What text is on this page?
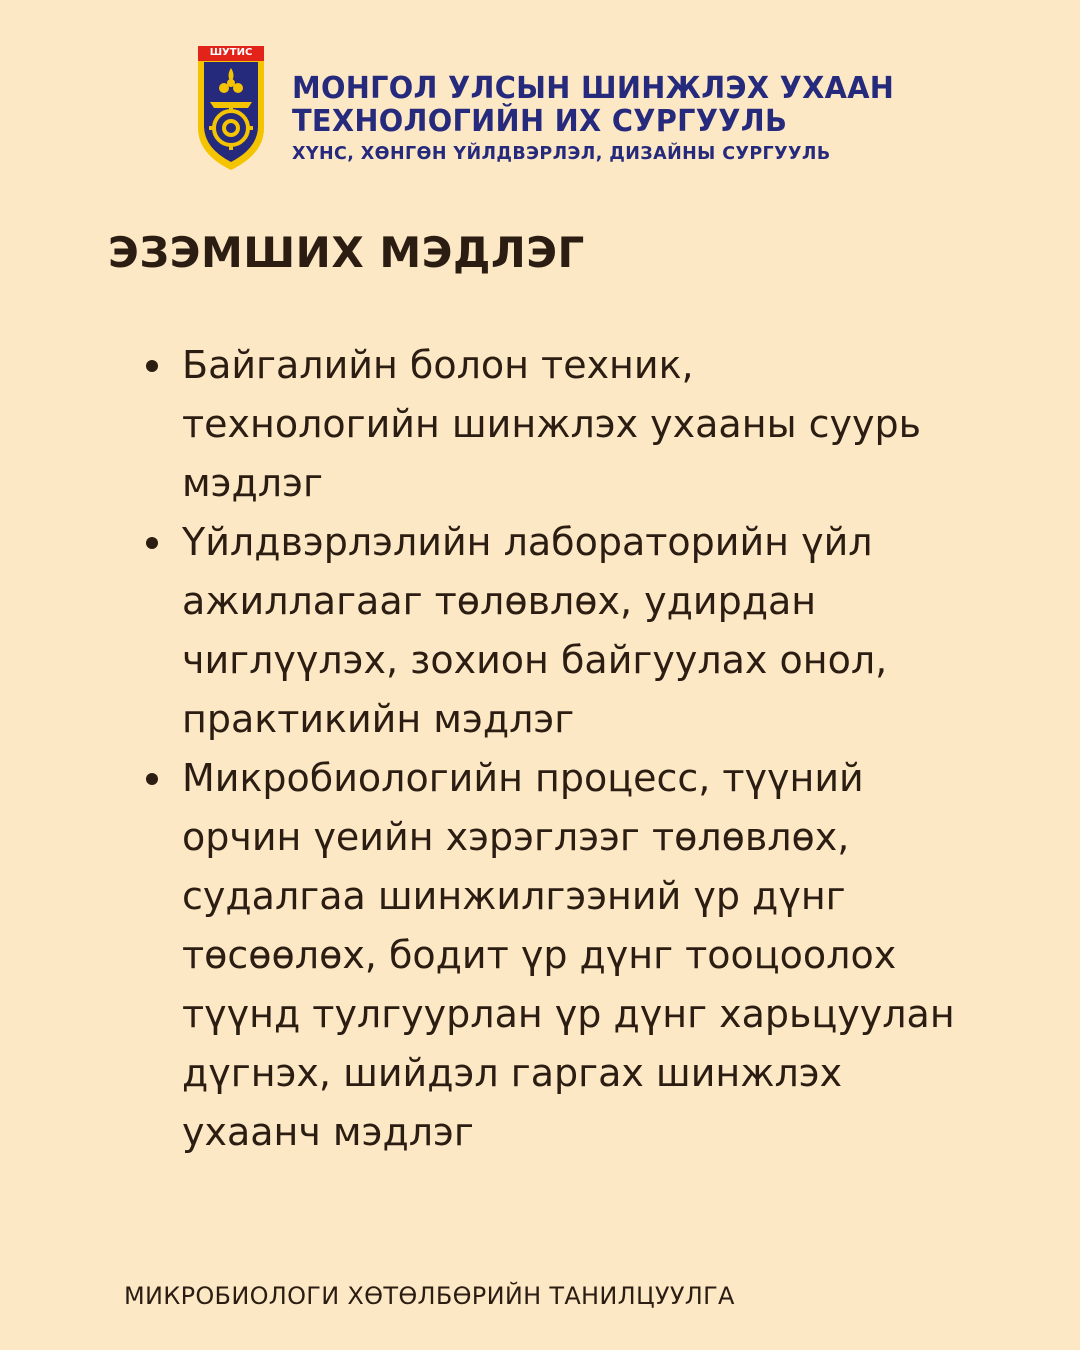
ШУТИС
МОНГОЛ УЛСЫН ШИНЖЛЭХ УХААН
ТЕХНОЛОГИЙН ИХ СУРГУУЛЬ
ХҮНС, ХӨНГӨН ҮЙЛДВЭРЛЭЛ, ДИЗАЙНЫ СУРГУУЛЬ
ЭЗЭМШИХ МЭДЛЭГ
Байгалийн болон техник,
технологийн шинжлэх ухааны суурь
мэдлэг
Үйлдвэрлэлийн лабораторийн үйл
ажиллагааг төлөвлөх, удирдан
чиглүүлэх, зохион байгуулах онол,
практикийн мэдлэг
Микробиологийн процесс, түүний
орчин үеийн хэрэглээг төлөвлөх,
судалгаа шинжилгээний үр дүнг
төсөөлөх, бодит үр дүнг тооцоолох
түүнд тулгуурлан үр дүнг харьцуулан
дүгнэх, шийдэл гаргах шинжлэх
ухаанч мэдлэг
МИКРОБИОЛОГИ ХӨТӨЛБӨРИЙН ТАНИЛЦУУЛГА
